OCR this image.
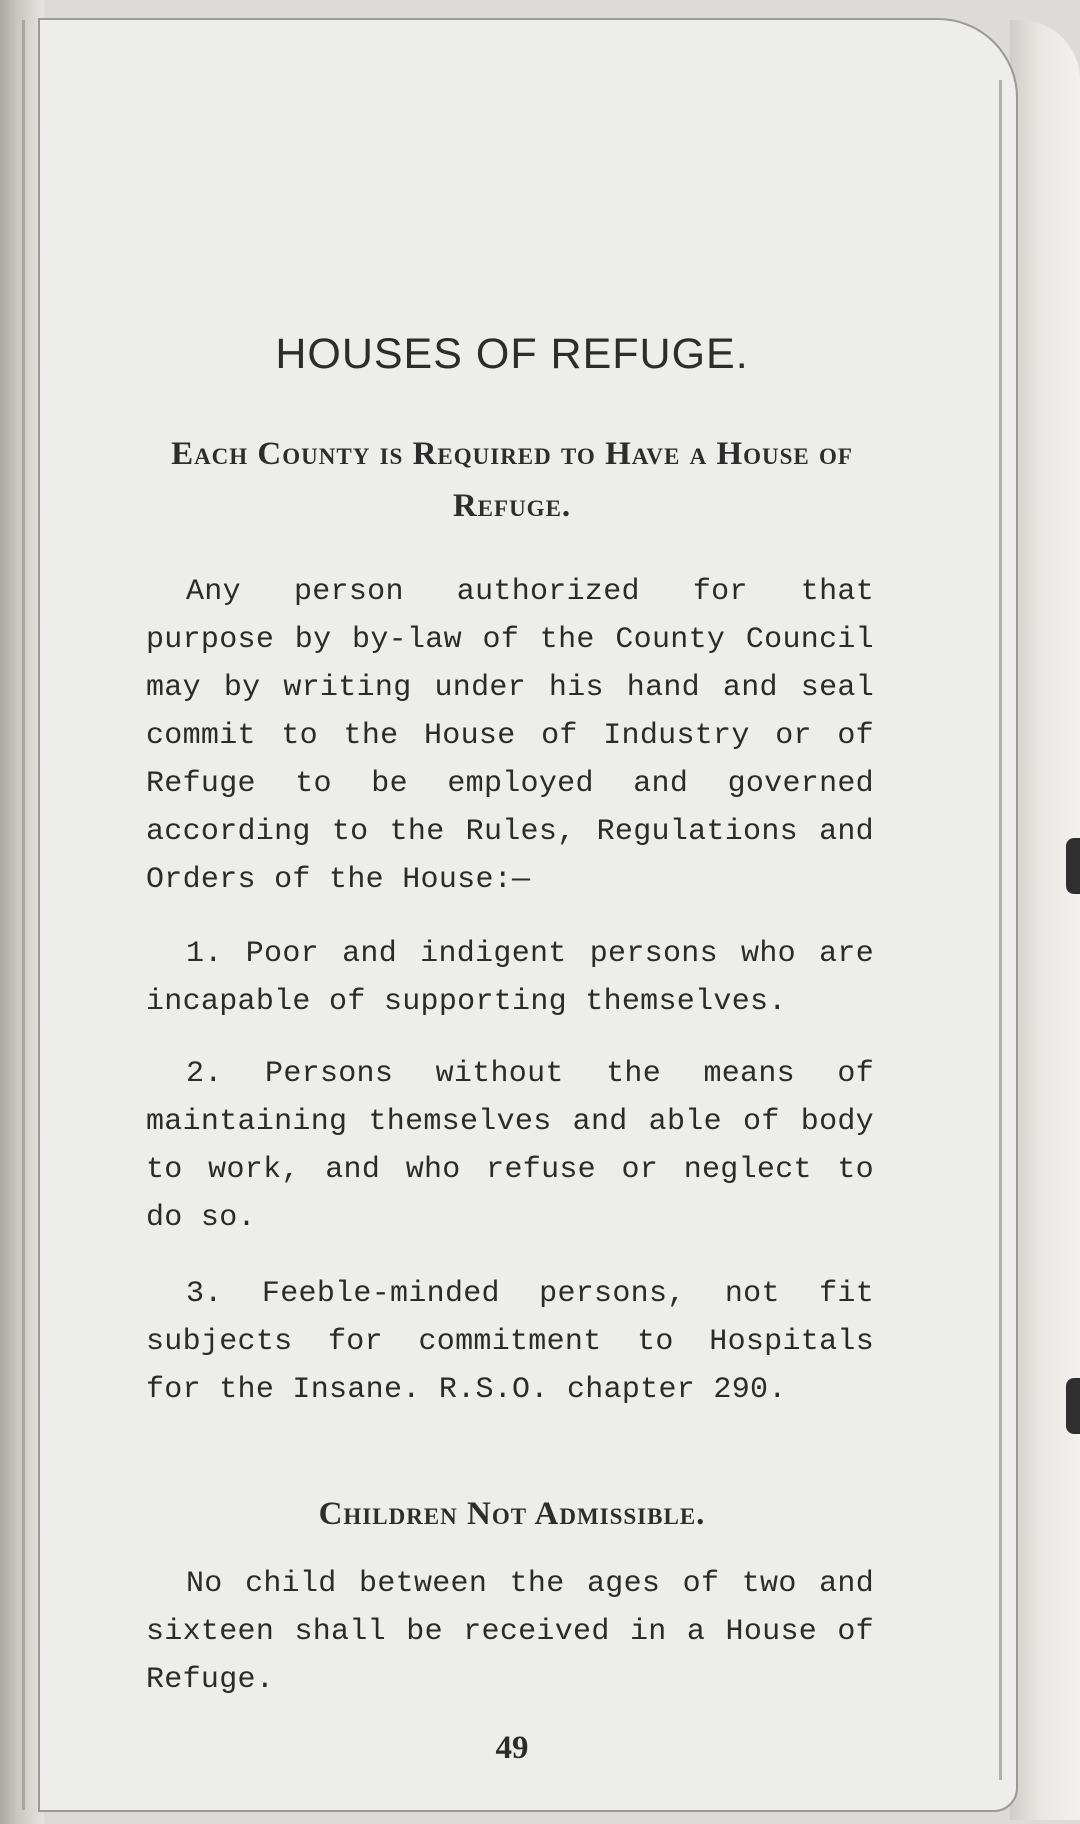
HOUSES OF REFUGE.
Each County is Required to Have a House of Refuge.

Any person authorized for that purpose by by-law of the County Council may by writing under his hand and seal commit to the House of Industry or of Refuge to be employed and governed according to the Rules, Regulations and Orders of the House:—

1. Poor and indigent persons who are incapable of supporting themselves.

2. Persons without the means of maintaining themselves and able of body to work, and who refuse or neglect to do so.

3. Feeble-minded persons, not fit subjects for commitment to Hospitals for the Insane. R.S.O. chapter 290.

Children Not Admissible.

No child between the ages of two and sixteen shall be received in a House of Refuge.

49
